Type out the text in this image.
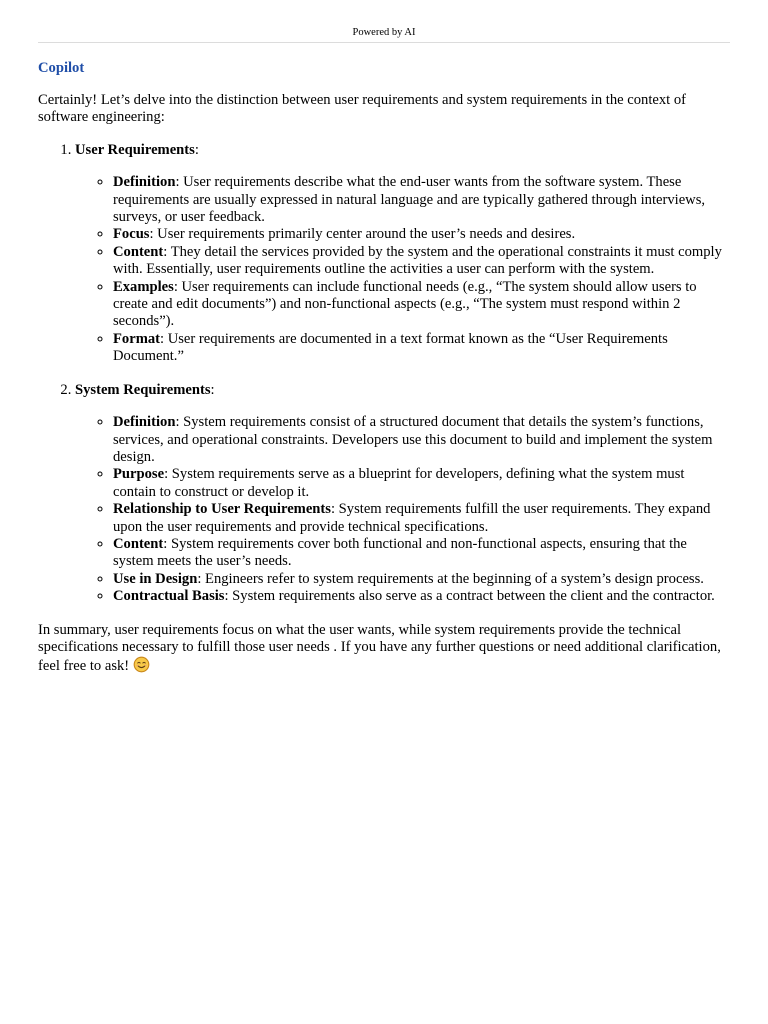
Powered by AI
Copilot
Certainly! Let’s delve into the distinction between user requirements and system requirements in the context of software engineering:
1. User Requirements:
◦ Definition: User requirements describe what the end-user wants from the software system. These requirements are usually expressed in natural language and are typically gathered through interviews, surveys, or user feedback.
◦ Focus: User requirements primarily center around the user’s needs and desires.
◦ Content: They detail the services provided by the system and the operational constraints it must comply with. Essentially, user requirements outline the activities a user can perform with the system.
◦ Examples: User requirements can include functional needs (e.g., “The system should allow users to create and edit documents”) and non-functional aspects (e.g., “The system must respond within 2 seconds”).
◦ Format: User requirements are documented in a text format known as the “User Requirements Document.”
2. System Requirements:
◦ Definition: System requirements consist of a structured document that details the system’s functions, services, and operational constraints. Developers use this document to build and implement the system design.
◦ Purpose: System requirements serve as a blueprint for developers, defining what the system must contain to construct or develop it.
◦ Relationship to User Requirements: System requirements fulfill the user requirements. They expand upon the user requirements and provide technical specifications.
◦ Content: System requirements cover both functional and non-functional aspects, ensuring that the system meets the user’s needs.
◦ Use in Design: Engineers refer to system requirements at the beginning of a system’s design process.
◦ Contractual Basis: System requirements also serve as a contract between the client and the contractor.
In summary, user requirements focus on what the user wants, while system requirements provide the technical specifications necessary to fulfill those user needs . If you have any further questions or need additional clarification, feel free to ask!
